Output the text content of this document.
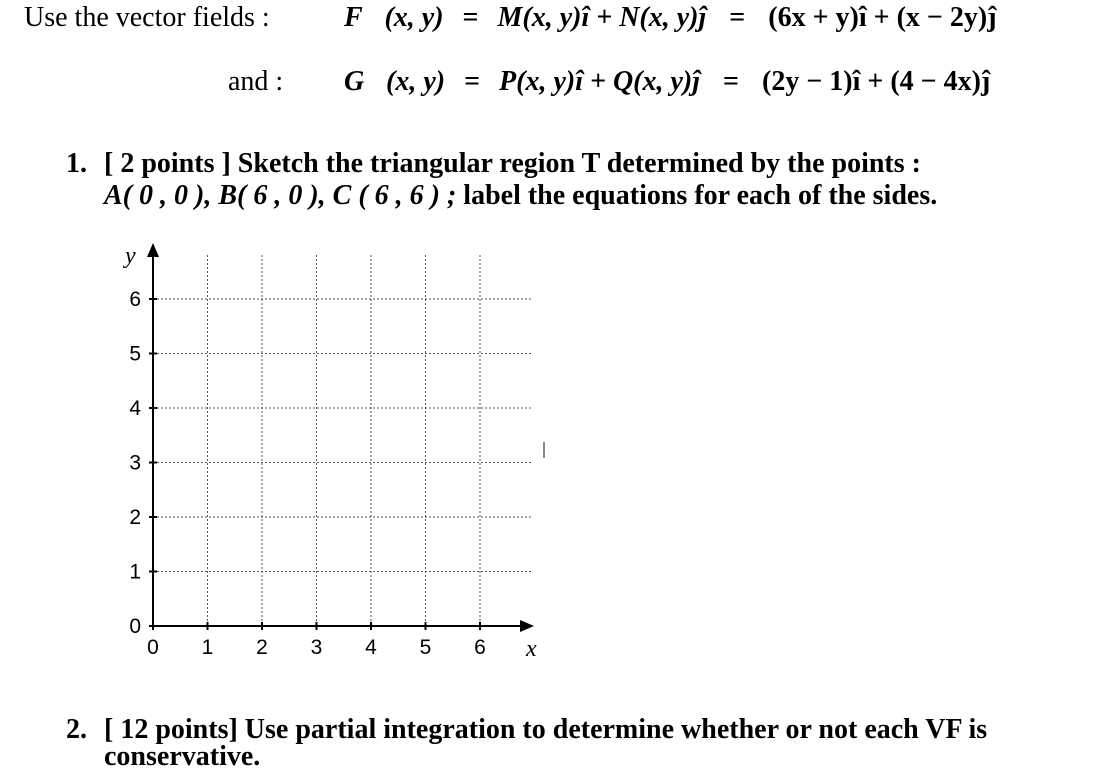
Use the vector fields :	F⃗(x, y) = M(x, y)î + N(x, y)ĵ = (6x + y)î + (x − 2y)ĵ
and : G⃗(x, y) = P(x, y)î + Q(x, y)ĵ = (2y − 1)î + (4 − 4x)ĵ
1. [ 2 points ] Sketch the triangular region T determined by the points :
A( 0 , 0 ), B( 6 , 0 ), C ( 6 , 6 ) ; label the equations for each of the sides.
0 1 2 3 4 5 6
0
1
2
3
4
5
6
x
y
2. [ 12 points] Use partial integration to determine whether or not each VF is
conservative.
